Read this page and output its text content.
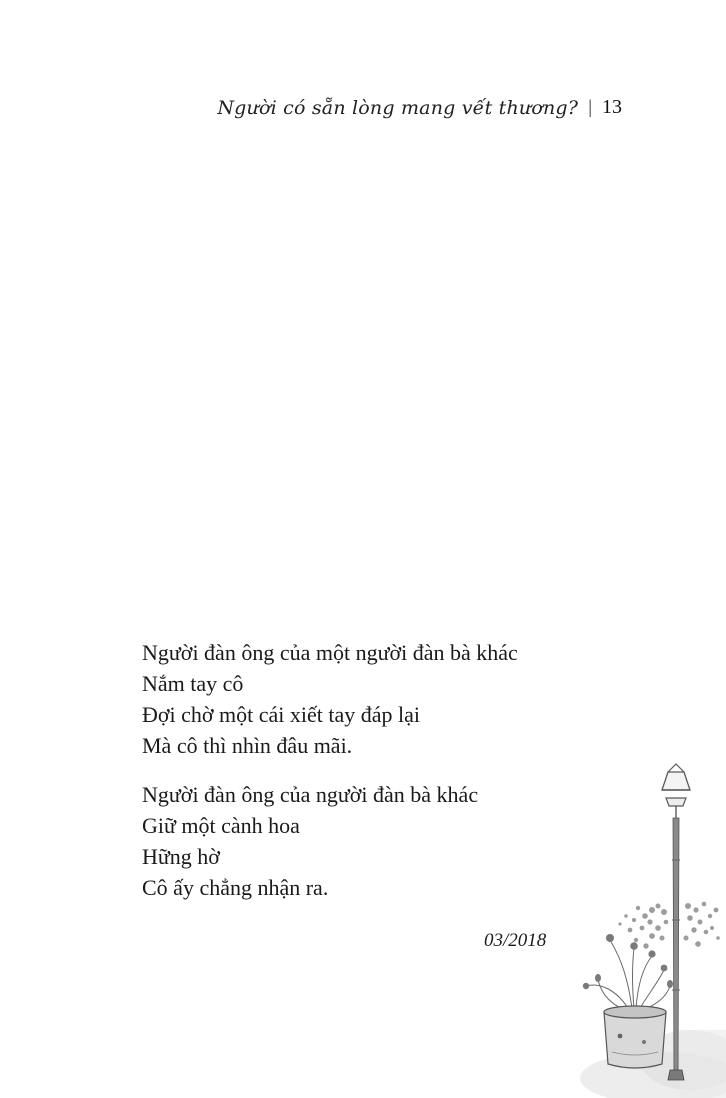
Người có sẵn lòng mang vết thương? | 13

Người đàn ông của một người đàn bà khác
Nắm tay cô
Đợi chờ một cái xiết tay đáp lại
Mà cô thì nhìn đâu mãi.

Người đàn ông của người đàn bà khác
Giữ một cành hoa
Hững hờ
Cô ấy chẳng nhận ra.

03/2018
